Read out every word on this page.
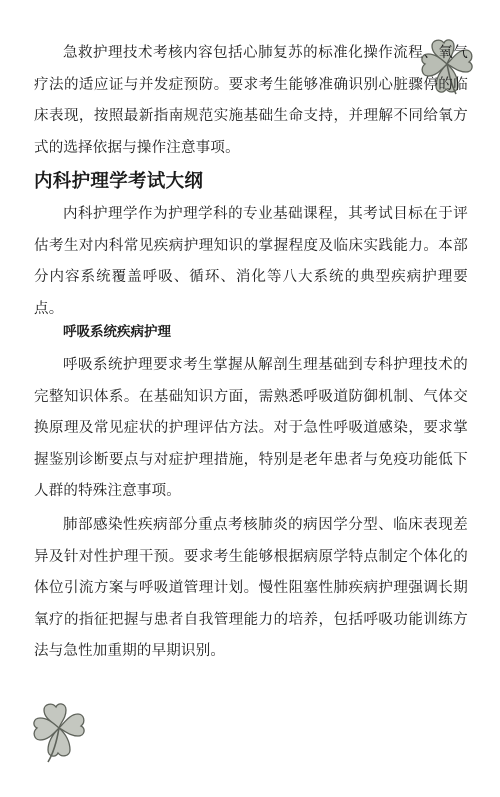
急救护理技术考核内容包括心肺复苏的标准化操作流程、氧气疗法的适应证与并发症预防。要求考生能够准确识别心脏骤停的临床表现，按照最新指南规范实施基础生命支持，并理解不同给氧方式的选择依据与操作注意事项。

内科护理学考试大纲

内科护理学作为护理学科的专业基础课程，其考试目标在于评估考生对内科常见疾病护理知识的掌握程度及临床实践能力。本部分内容系统覆盖呼吸、循环、消化等八大系统的典型疾病护理要点。

呼吸系统疾病护理

呼吸系统护理要求考生掌握从解剖生理基础到专科护理技术的完整知识体系。在基础知识方面，需熟悉呼吸道防御机制、气体交换原理及常见症状的护理评估方法。对于急性呼吸道感染，要求掌握鉴别诊断要点与对症护理措施，特别是老年患者与免疫功能低下人群的特殊注意事项。

肺部感染性疾病部分重点考核肺炎的病因学分型、临床表现差异及针对性护理干预。要求考生能够根据病原学特点制定个体化的体位引流方案与呼吸道管理计划。慢性阻塞性肺疾病护理强调长期氧疗的指征把握与患者自我管理能力的培养，包括呼吸功能训练方法与急性加重期的早期识别。
